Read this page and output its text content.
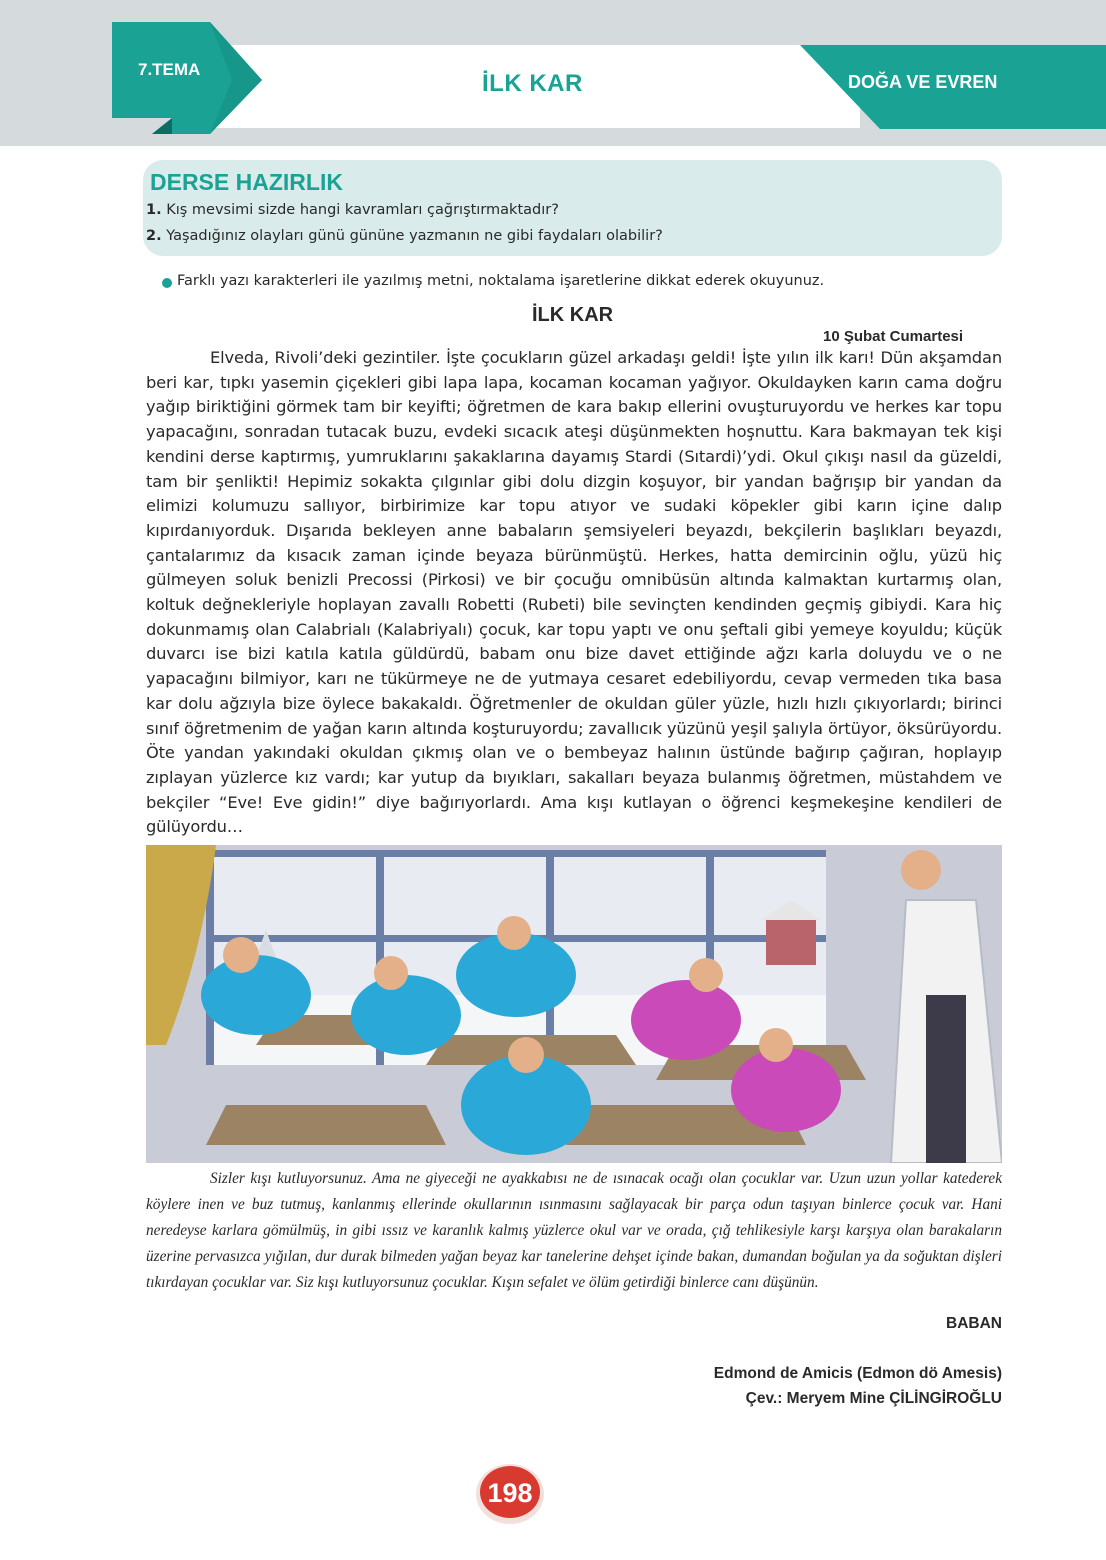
7.TEMA
İLK KAR	DOĞA VE EVREN
DERSE HAZIRLIK
1. Kış mevsimi sizde hangi kavramları çağrıştırmaktadır?
2. Yaşadığınız olayları günü gününe yazmanın ne gibi faydaları olabilir?
Farklı yazı karakterleri ile yazılmış metni, noktalama işaretlerine dikkat ederek okuyunuz.
İLK KAR
10 Şubat Cumartesi

Elveda, Rivoli’deki gezintiler. İşte çocukların güzel arkadaşı geldi! İşte yılın ilk karı! Dün akşamdan beri kar, tıpkı yasemin çiçekleri gibi lapa lapa, kocaman kocaman yağıyor. Okuldayken karın cama doğru yağıp biriktiğini görmek tam bir keyifti; öğretmen de kara bakıp ellerini ovuşturuyordu ve herkes kar topu yapacağını, sonradan tutacak buzu, evdeki sıcacık ateşi düşünmekten hoşnuttu. Kara bakmayan tek kişi kendini derse kaptırmış, yumruklarını şakaklarına dayamış Stardi (Sıtardi)’ydi. Okul çıkışı nasıl da güzeldi, tam bir şenlikti! Hepimiz sokakta çılgınlar gibi dolu dizgin koşuyor, bir yandan bağrışıp bir yandan da elimizi kolumuzu sallıyor, birbirimize kar topu atıyor ve sudaki köpekler gibi karın içine dalıp kıpırdanıyorduk. Dışarıda bekleyen anne babaların şemsiyeleri beyazdı, bekçilerin başlıkları beyazdı, çantalarımız da kısacık zaman içinde beyaza bürünmüştü. Herkes, hatta demircinin oğlu, yüzü hiç gülmeyen soluk benizli Precossi (Pirkosi) ve bir çocuğu omnibüsün altında kalmaktan kurtarmış olan, koltuk değnekleriyle hoplayan zavallı Robetti (Rubeti) bile sevinçten kendinden geçmiş gibiydi. Kara hiç dokunmamış olan Calabrialı (Kalabriyalı) çocuk, kar topu yaptı ve onu şeftali gibi yemeye koyuldu; küçük duvarcı ise bizi katıla katıla güldürdü, babam onu bize davet ettiğinde ağzı karla doluydu ve o ne yapacağını bilmiyor, karı ne tükürmeye ne de yutmaya cesaret edebiliyordu, cevap vermeden tıka basa kar dolu ağzıyla bize öylece bakakaldı. Öğretmenler de okuldan güler yüzle, hızlı hızlı çıkıyorlardı; birinci sınıf öğretmenim de yağan karın altında koşturuyordu; zavallıcık yüzünü yeşil şalıyla örtüyor, öksürüyordu. Öte yandan yakındaki okuldan çıkmış olan ve o bembeyaz halının üstünde bağırıp çağıran, hoplayıp zıplayan yüzlerce kız vardı; kar yutup da bıyıkları, sakalları beyaza bulanmış öğretmen, müstahdem ve bekçiler “Eve! Eve gidin!” diye bağırıyorlardı. Ama kışı kutlayan o öğrenci keşmekeşine kendileri de gülüyordu…

Sizler kışı kutluyorsunuz. Ama ne giyeceği ne ayakkabısı ne de ısınacak ocağı olan çocuklar var. Uzun uzun yollar katederek köylere inen ve buz tutmuş, kanlanmış ellerinde okullarının ısınmasını sağlayacak bir parça odun taşıyan binlerce çocuk var. Hani neredeyse karlara gömülmüş, in gibi ıssız ve karanlık kalmış yüzlerce okul var ve orada, çığ tehlikesiyle karşı karşıya olan barakaların üzerine pervasızca yığılan, dur durak bilmeden yağan beyaz kar tanelerine dehşet içinde bakan, dumandan boğulan ya da soğuktan dişleri tıkırdayan çocuklar var. Siz kışı kutluyorsunuz çocuklar. Kışın sefalet ve ölüm getirdiği binlerce canı düşünün.

BABAN
Edmond de Amicis (Edmon dö Amesis)
Çev.: Meryem Mine ÇİLİNGİROĞLU
198
